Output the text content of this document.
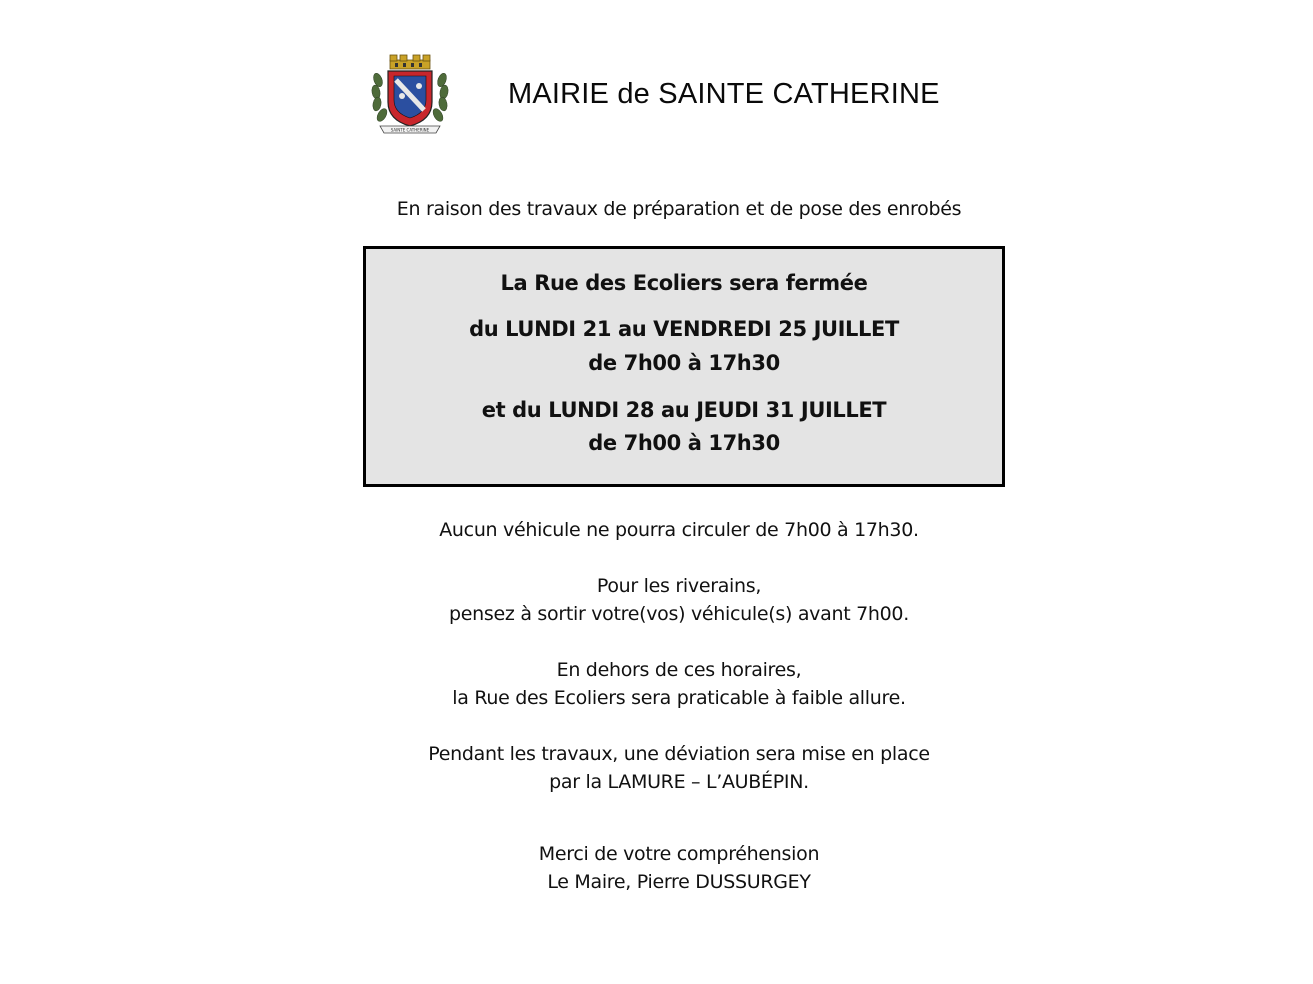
SAINTE CATHERINE
MAIRIE de SAINTE CATHERINE
En raison des travaux de préparation et de pose des enrobés
La Rue des Ecoliers sera fermée
du LUNDI 21 au VENDREDI 25 JUILLET
de 7h00 à 17h30
et du LUNDI 28 au JEUDI 31 JUILLET
de 7h00 à 17h30
Aucun véhicule ne pourra circuler de 7h00 à 17h30.
Pour les riverains,
pensez à sortir votre(vos) véhicule(s) avant 7h00.
En dehors de ces horaires,
la Rue des Ecoliers sera praticable à faible allure.
Pendant les travaux, une déviation sera mise en place
par la LAMURE – L’AUBÉPIN.
Merci de votre compréhension
Le Maire, Pierre DUSSURGEY
